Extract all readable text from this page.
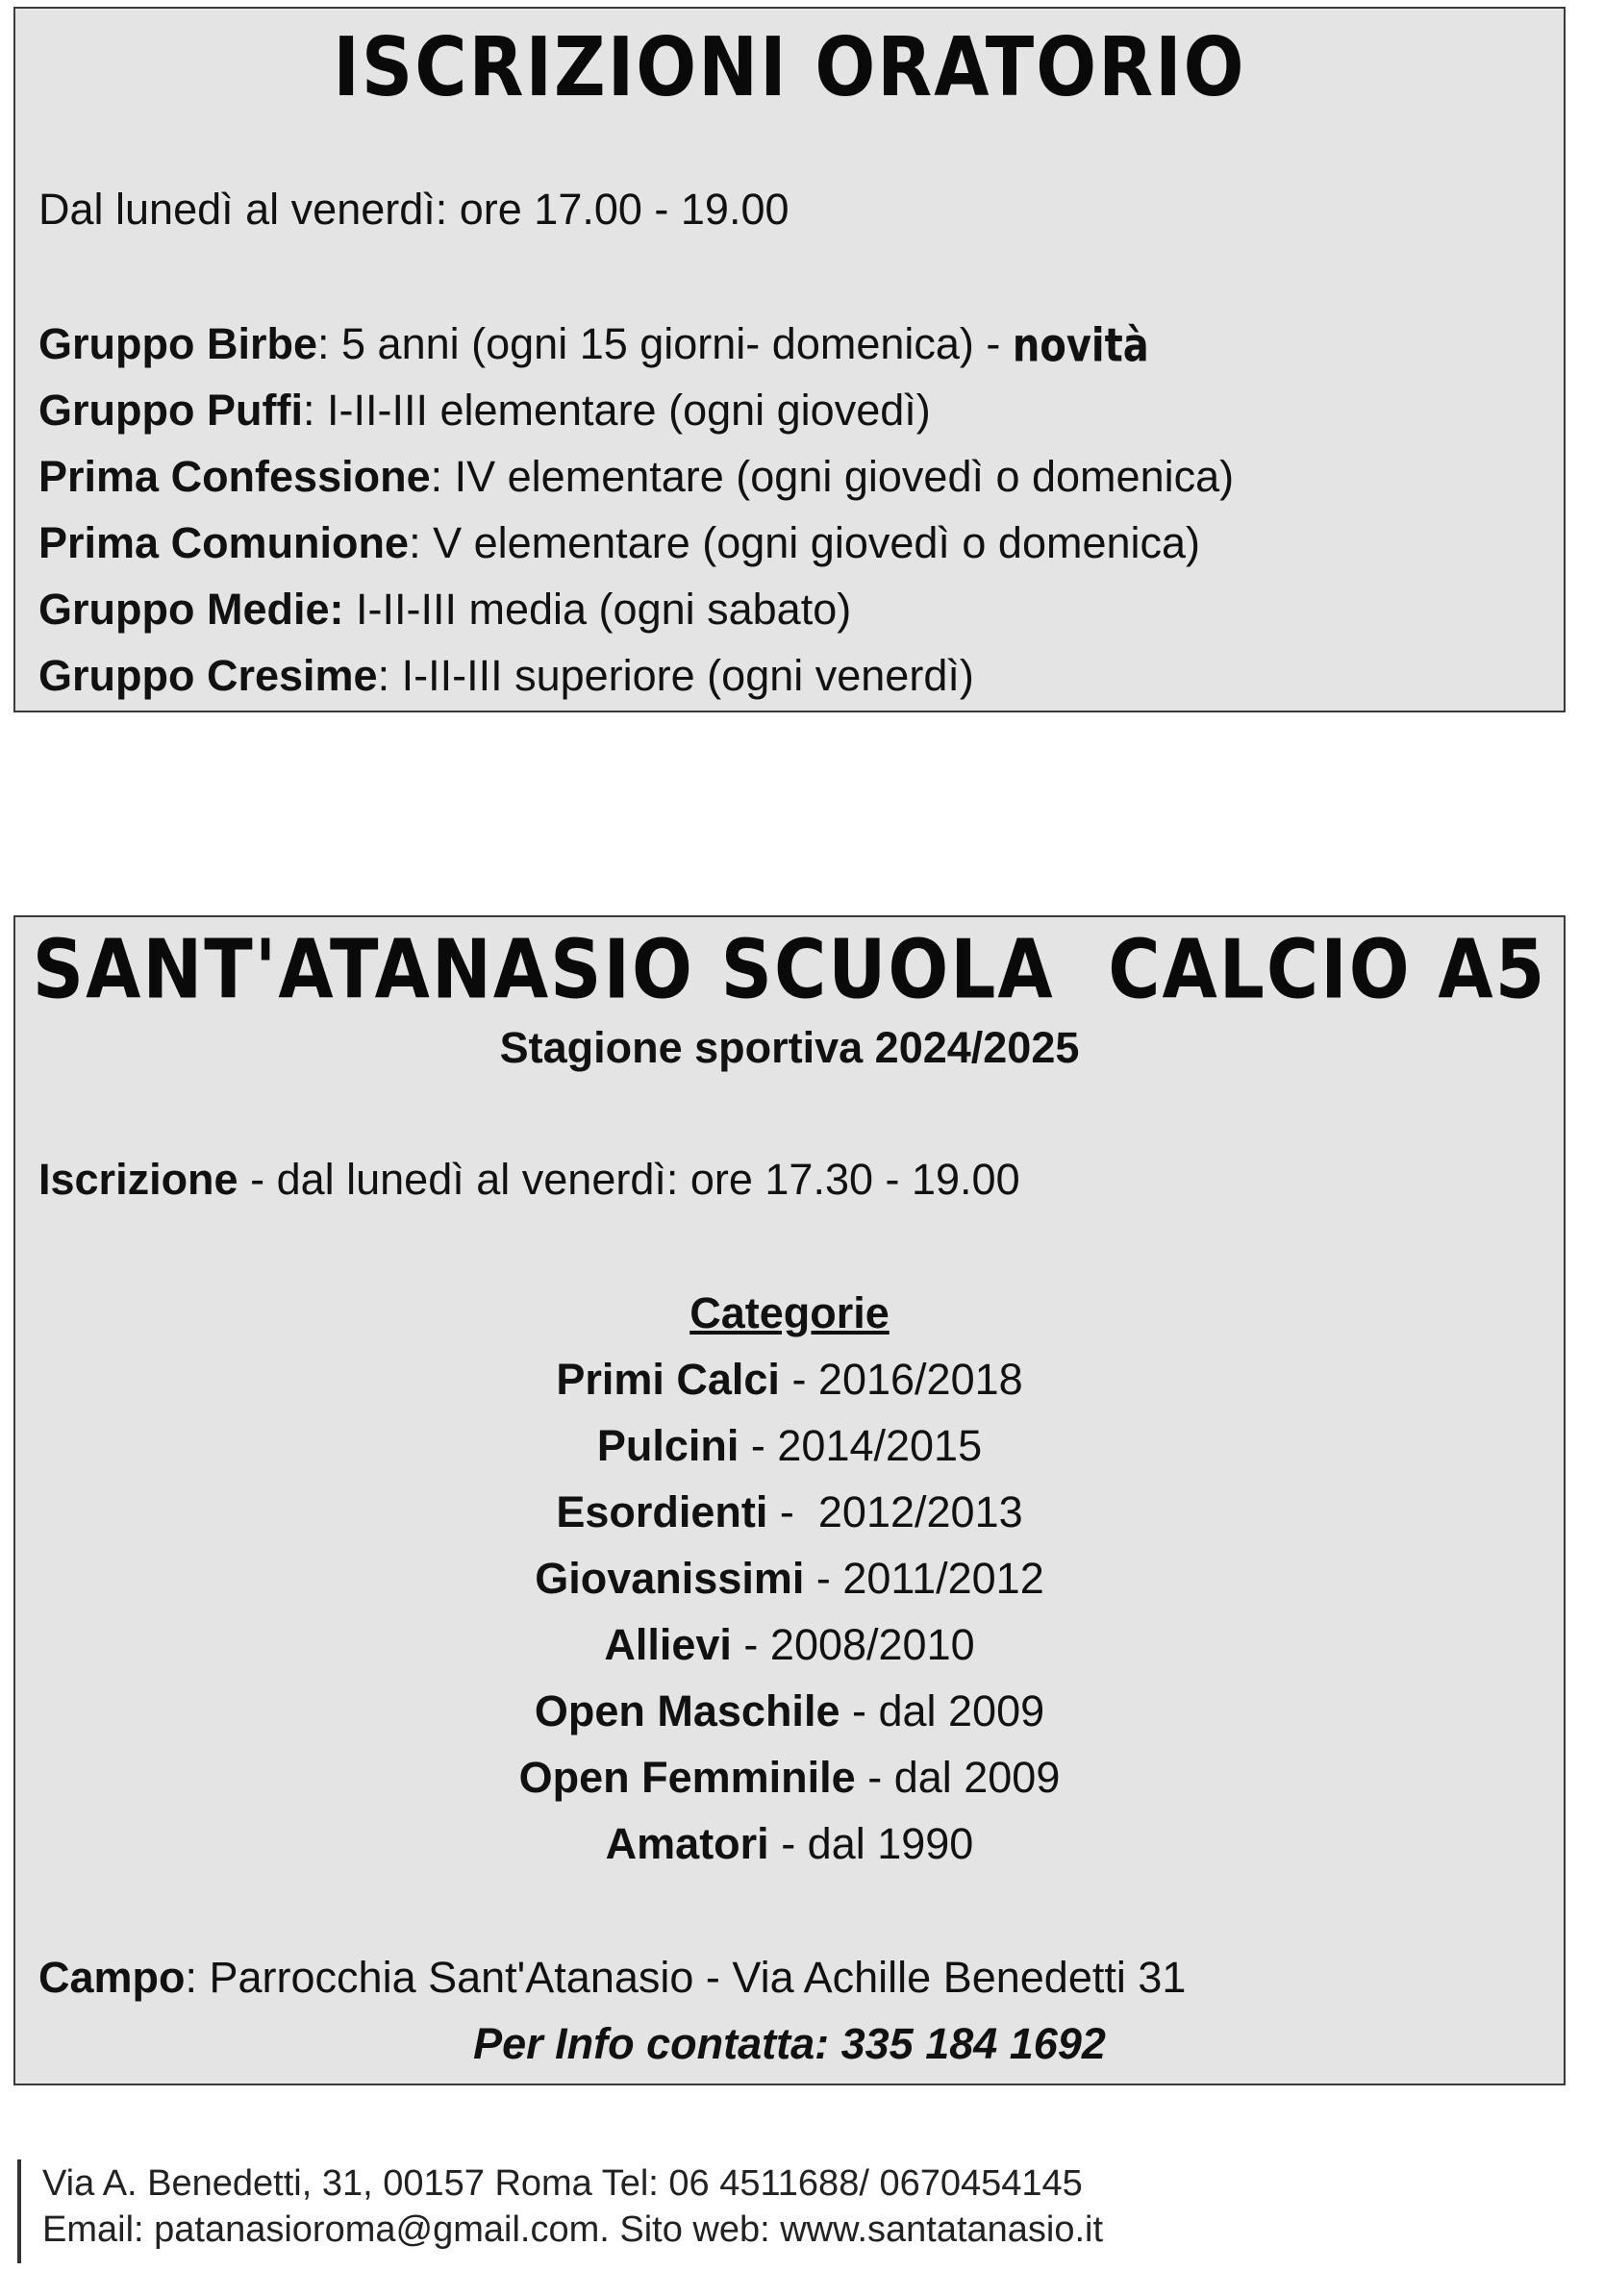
ISCRIZIONI ORATORIO
Dal lunedì al venerdì: ore 17.00 - 19.00
Gruppo Birbe: 5 anni (ogni 15 giorni- domenica) - novità
Gruppo Puffi: I-II-III elementare (ogni giovedì)
Prima Confessione: IV elementare (ogni giovedì o domenica)
Prima Comunione: V elementare (ogni giovedì o domenica)
Gruppo Medie: I-II-III media (ogni sabato)
Gruppo Cresime: I-II-III superiore (ogni venerdì)
SANT'ATANASIO SCUOLA  CALCIO A5
Stagione sportiva 2024/2025
Iscrizione - dal lunedì al venerdì: ore 17.30 - 19.00
Categorie
Primi Calci - 2016/2018
Pulcini - 2014/2015
Esordienti -  2012/2013
Giovanissimi - 2011/2012
Allievi - 2008/2010
Open Maschile - dal 2009
Open Femminile - dal 2009
Amatori - dal 1990
Campo: Parrocchia Sant'Atanasio - Via Achille Benedetti 31
Per Info contatta: 335 184 1692
Via A. Benedetti, 31, 00157 Roma Tel: 06 4511688/ 0670454145
Email: patanasioroma@gmail.com. Sito web: www.santatanasio.it
